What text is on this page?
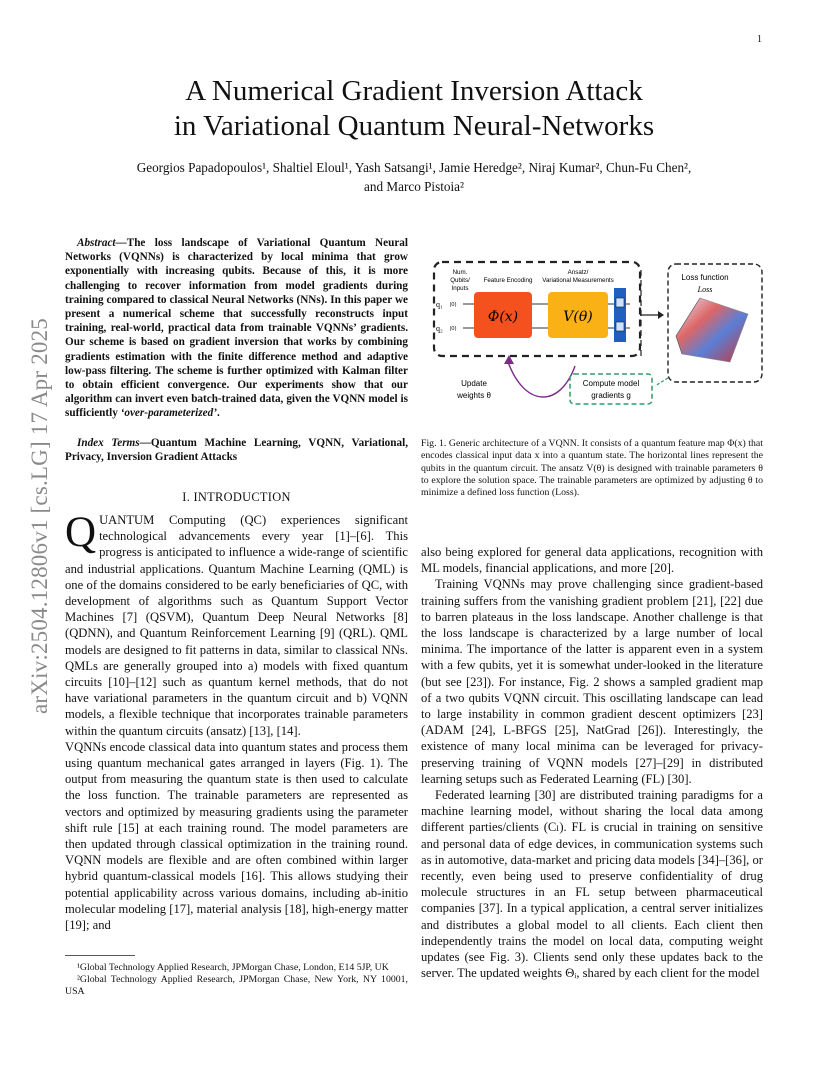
1
arXiv:2504.12806v1 [cs.LG] 17 Apr 2025
A Numerical Gradient Inversion Attack
in Variational Quantum Neural-Networks
Georgios Papadopoulos¹, Shaltiel Eloul¹, Yash Satsangi¹, Jamie Heredge², Niraj Kumar², Chun-Fu Chen²,
and Marco Pistoia²
Abstract—The loss landscape of Variational Quantum Neural Networks (VQNNs) is characterized by local minima that grow exponentially with increasing qubits. Because of this, it is more challenging to recover information from model gradients during training compared to classical Neural Networks (NNs). In this paper we present a numerical scheme that successfully reconstructs input training, real-world, practical data from trainable VQNNs’ gradients. Our scheme is based on gradient inversion that works by combining gradients estimation with the finite difference method and adaptive low-pass filtering. The scheme is further optimized with Kalman filter to obtain efficient convergence. Our experiments show that our algorithm can invert even batch-trained data, given the VQNN model is sufficiently ‘over-parameterized’.
Index Terms—Quantum Machine Learning, VQNN, Variational, Privacy, Inversion Gradient Attacks
I. INTRODUCTION

QUANTUM Computing (QC) experiences significant technological advancements every year [1]–[6]. This progress is anticipated to influence a wide-range of scientific and industrial applications. Quantum Machine Learning (QML) is one of the domains considered to be early beneficiaries of QC, with development of algorithms such as Quantum Support Vector Machines [7] (QSVM), Quantum Deep Neural Networks [8] (QDNN), and Quantum Reinforcement Learning [9] (QRL). QML models are designed to fit patterns in data, similar to classical NNs. QMLs are generally grouped into a) models with fixed quantum circuits [10]–[12] such as quantum kernel methods, that do not have variational parameters in the quantum circuit and b) VQNN models, a flexible technique that incorporates trainable parameters within the quantum circuits (ansatz) [13], [14].

VQNNs encode classical data into quantum states and process them using quantum mechanical gates arranged in layers (Fig. 1). The output from measuring the quantum state is then used to calculate the loss function. The trainable parameters are represented as vectors and optimized by measuring gradients using the parameter shift rule [15] at each training round. The model parameters are then updated through classical optimization in the training round. VQNN models are flexible and are often combined within larger hybrid quantum-classical models [16]. This allows studying their potential applicability across various domains, including ab-initio molecular modeling [17], material analysis [18], high-energy matter [19]; and

¹Global Technology Applied Research, JPMorgan Chase, London, E14 5JP, UK

²Global Technology Applied Research, JPMorgan Chase, New York, NY 10001, USA

Num.
Qubits/
Inputs
Feature Encoding
Ansatz/
Variational Measurements
q₁ |0⟩
q₂ |0⟩
Φ(x)	V(θ)
Loss function
Loss
Update
weights θ
Compute model
gradients g
Fig. 1. Generic architecture of a VQNN. It consists of a quantum feature map Φ(x) that encodes classical input data x into a quantum state. The horizontal lines represent the qubits in the quantum circuit. The ansatz V(θ) is designed with trainable parameters θ to explore the solution space. The trainable parameters are optimized by adjusting θ to minimize a defined loss function (Loss).

also being explored for general data applications, recognition with ML models, financial applications, and more [20].

Training VQNNs may prove challenging since gradient-based training suffers from the vanishing gradient problem [21], [22] due to barren plateaus in the loss landscape. Another challenge is that the loss landscape is characterized by a large number of local minima. The importance of the latter is apparent even in a system with a few qubits, yet it is somewhat under-looked in the literature (but see [23]). For instance, Fig. 2 shows a sampled gradient map of a two qubits VQNN circuit. This oscillating landscape can lead to large instability in common gradient descent optimizers [23] (ADAM [24], L-BFGS [25], NatGrad [26]). Interestingly, the existence of many local minima can be leveraged for privacy-preserving training of VQNN models [27]–[29] in distributed learning setups such as Federated Learning (FL) [30].

Federated learning [30] are distributed training paradigms for a machine learning model, without sharing the local data among different parties/clients (Cₗ). FL is crucial in training on sensitive and personal data of edge devices, in communication systems such as in automotive, data-market and pricing data models [34]–[36], or recently, even being used to preserve confidentiality of drug molecule structures in an FL setup between pharmaceutical companies [37]. In a typical application, a central server initializes and distributes a global model to all clients. Each client then independently trains the model on local data, computing weight updates (see Fig. 3). Clients send only these updates back to the server. The updated weights Θᵢ, shared by each client for the model
